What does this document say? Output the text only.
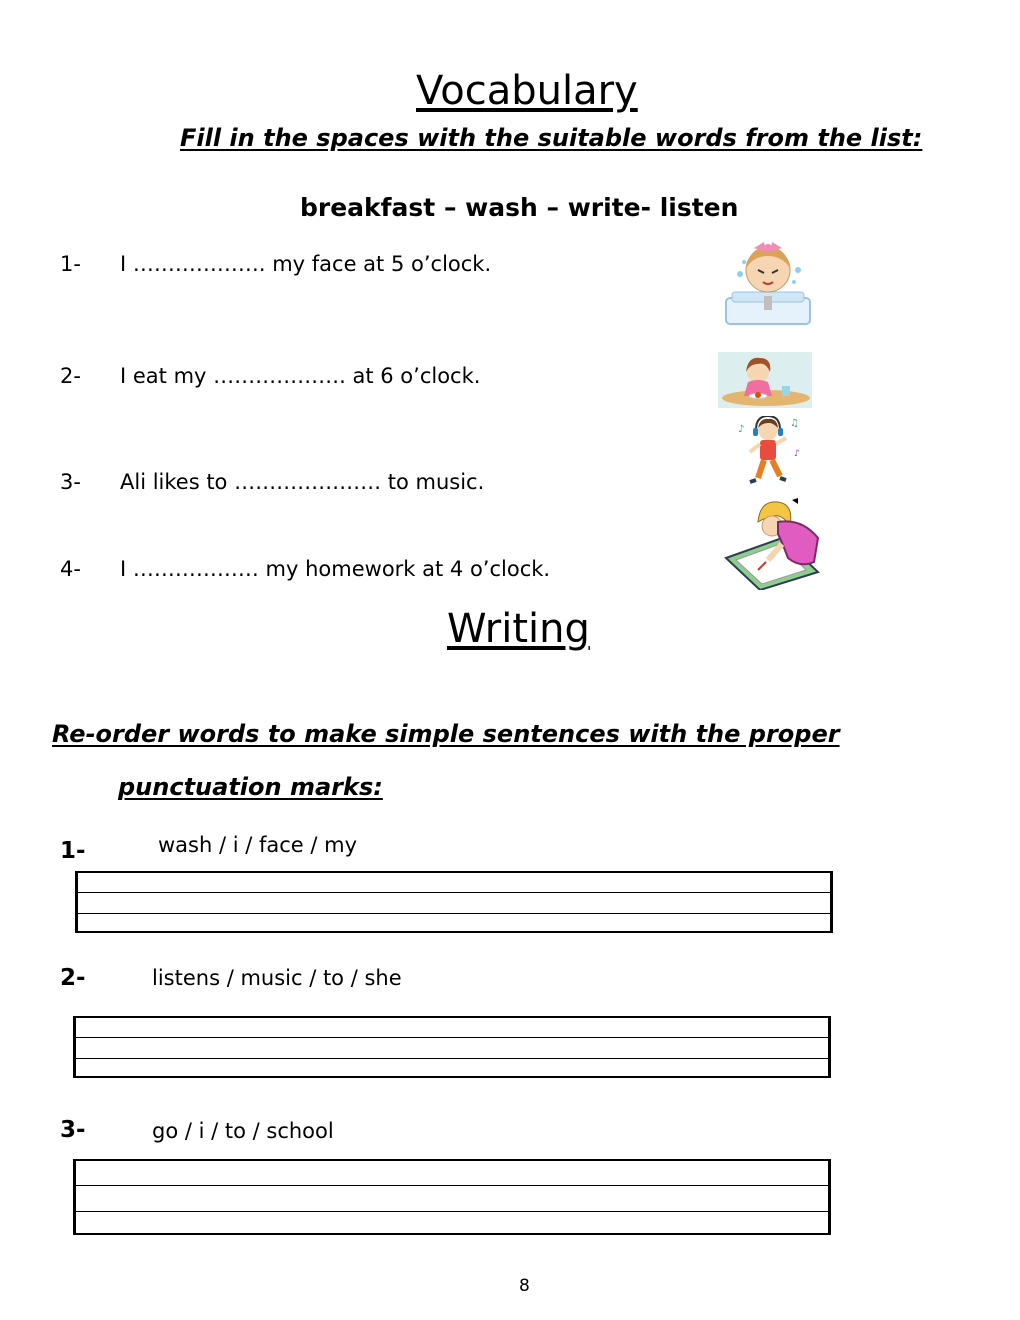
Vocabulary
Fill in the spaces with the suitable words from the list:
breakfast – wash – write- listen
1- I ………………. my face at 5 o’clock.
2- I eat my ………………. at 6 o’clock.
3- Ali likes to ………………… to music.
4- I ……………… my homework at 4 o’clock.
♪
♫
♪
Writing
Re-order words to make simple sentences with the proper
punctuation marks:
1-	wash / i / face / my
2-	listens / music / to / she
3-	go / i / to / school
8
